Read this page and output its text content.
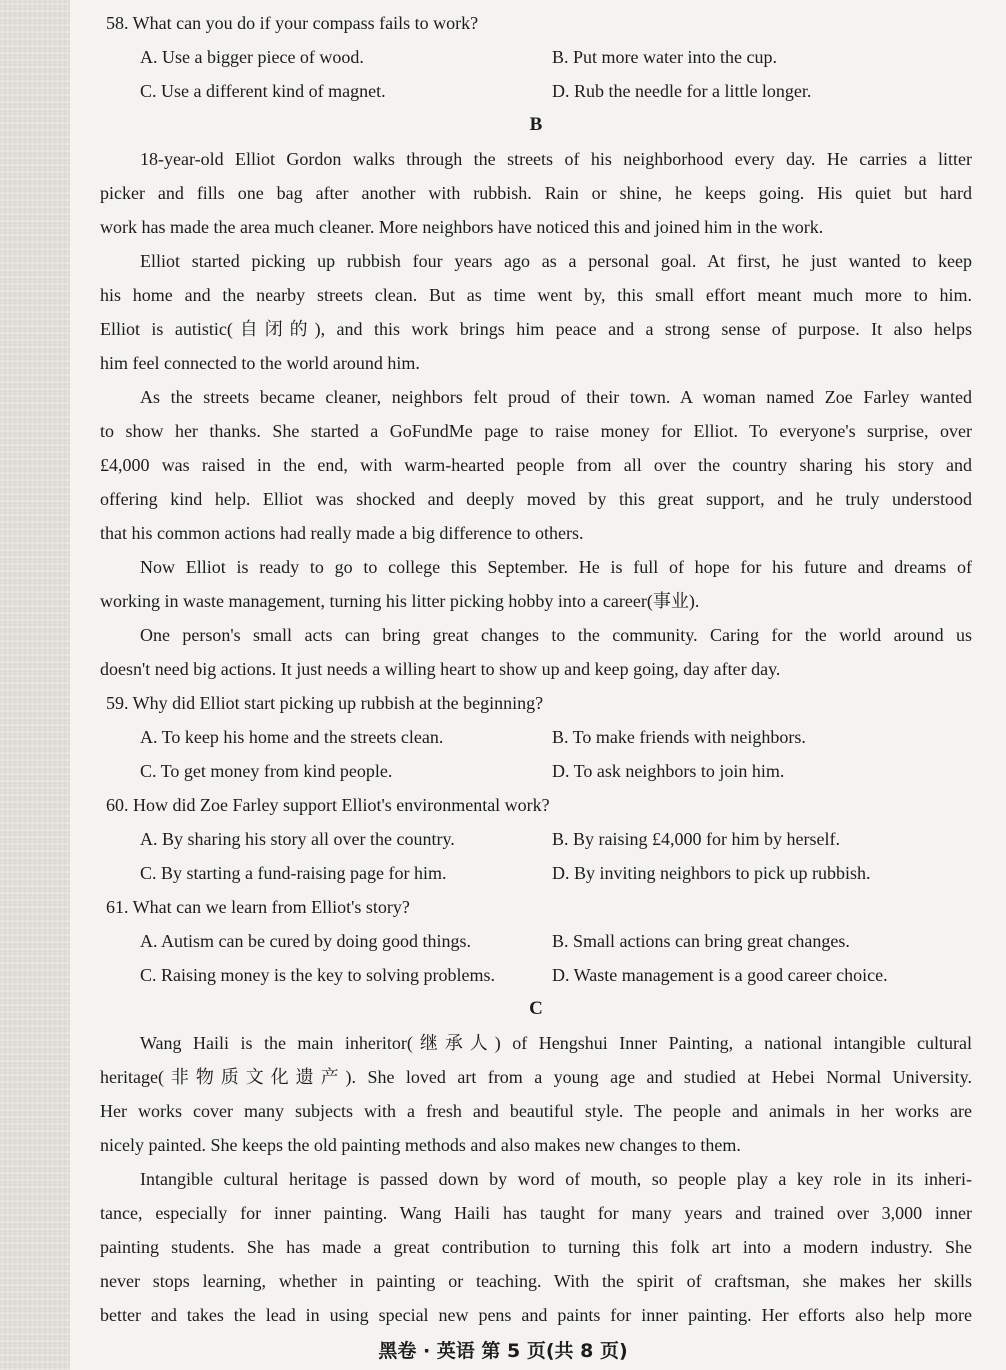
58. What can you do if your compass fails to work?
A. Use a bigger piece of wood.	B. Put more water into the cup.
C. Use a different kind of magnet.	D. Rub the needle for a little longer.
B
18-year-old Elliot Gordon walks through the streets of his neighborhood every day. He carries a litter
picker and fills one bag after another with rubbish. Rain or shine, he keeps going. His quiet but hard
work has made the area much cleaner. More neighbors have noticed this and joined him in the work.
Elliot started picking up rubbish four years ago as a personal goal. At first, he just wanted to keep
his home and the nearby streets clean. But as time went by, this small effort meant much more to him.
Elliot is autistic(自闭的), and this work brings him peace and a strong sense of purpose. It also helps
him feel connected to the world around him.
As the streets became cleaner, neighbors felt proud of their town. A woman named Zoe Farley wanted
to show her thanks. She started a GoFundMe page to raise money for Elliot. To everyone's surprise, over
£4,000 was raised in the end, with warm-hearted people from all over the country sharing his story and
offering kind help. Elliot was shocked and deeply moved by this great support, and he truly understood
that his common actions had really made a big difference to others.
Now Elliot is ready to go to college this September. He is full of hope for his future and dreams of
working in waste management, turning his litter picking hobby into a career(事业).
One person's small acts can bring great changes to the community. Caring for the world around us
doesn't need big actions. It just needs a willing heart to show up and keep going, day after day.
59. Why did Elliot start picking up rubbish at the beginning?
A. To keep his home and the streets clean.	B. To make friends with neighbors.
C. To get money from kind people.	D. To ask neighbors to join him.
60. How did Zoe Farley support Elliot's environmental work?
A. By sharing his story all over the country.	B. By raising £4,000 for him by herself.
C. By starting a fund-raising page for him.	D. By inviting neighbors to pick up rubbish.
61. What can we learn from Elliot's story?
A. Autism can be cured by doing good things.	B. Small actions can bring great changes.
C. Raising money is the key to solving problems.	D. Waste management is a good career choice.
C
Wang Haili is the main inheritor(继承人) of Hengshui Inner Painting, a national intangible cultural
heritage(非物质文化遗产). She loved art from a young age and studied at Hebei Normal University.
Her works cover many subjects with a fresh and beautiful style. The people and animals in her works are
nicely painted. She keeps the old painting methods and also makes new changes to them.
Intangible cultural heritage is passed down by word of mouth, so people play a key role in its inheri-
tance, especially for inner painting. Wang Haili has taught for many years and trained over 3,000 inner
painting students. She has made a great contribution to turning this folk art into a modern industry. She
never stops learning, whether in painting or teaching. With the spirit of craftsman, she makes her skills
better and takes the lead in using special new pens and paints for inner painting. Her efforts also help more
黑卷 · 英语 第 5 页(共 8 页)
